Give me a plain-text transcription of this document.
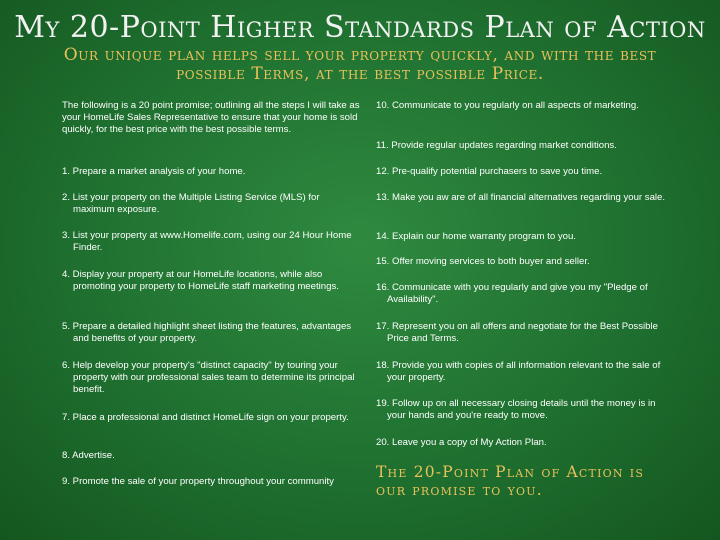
My 20-Point Higher Standards Plan of Action
Our unique plan helps sell your property quickly, and with the best possible Terms, at the best possible Price.
The following is a 20 point promise; outlining all the steps I will take as your HomeLife Sales Representative to ensure that your home is sold quickly, for the best price with the best possible terms.
1. Prepare a market analysis of your home.
2. List your property on the Multiple Listing Service (MLS) for maximum exposure.
3. List your property at www.Homelife.com, using our 24 Hour Home Finder.
4. Display your property at our HomeLife locations, while also promoting your property to HomeLife staff marketing meetings.
5. Prepare a detailed highlight sheet listing the features, advantages and benefits of your property.
6. Help develop your property's "distinct capacity" by touring your property with our professional sales team to determine its principal benefit.
7. Place a professional and distinct HomeLife sign on your property.
8. Advertise.
9. Promote the sale of your property throughout your community
10. Communicate to you regularly on all aspects of marketing.
11. Provide regular updates regarding market conditions.
12. Pre-qualify potential purchasers to save you time.
13. Make you aw are of all financial alternatives regarding your sale.
14. Explain our home warranty program to you.
15. Offer moving services to both buyer and seller.
16. Communicate with you regularly and give you my "Pledge of Availability".
17. Represent you on all offers and negotiate for the Best Possible Price and Terms.
18. Provide you with copies of all information relevant to the sale of your property.
19. Follow up on all necessary closing details until the money is in your hands and you're ready to move.
20. Leave you a copy of My Action Plan.
The 20-Point Plan of Action is our promise to you.
